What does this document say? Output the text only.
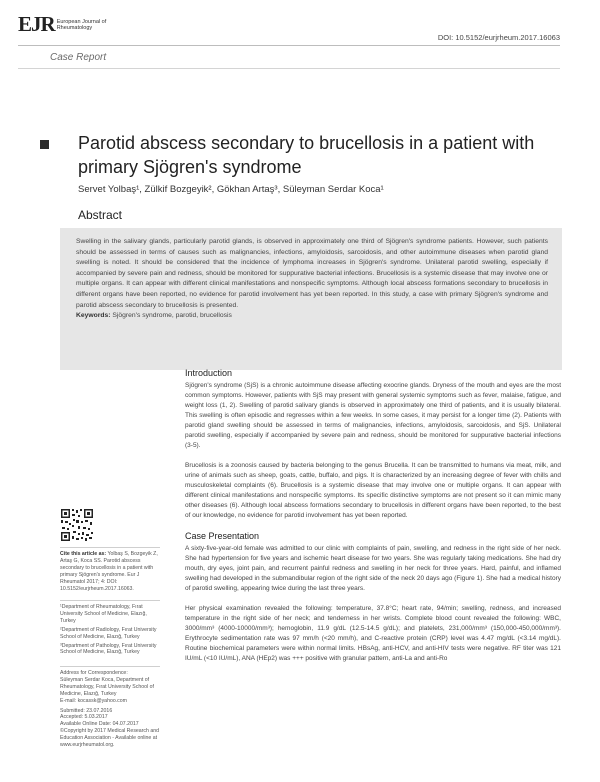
EJR European Journal of
Rheumatology
DOI: 10.5152/eurjrheum.2017.16063
Case Report
Parotid abscess secondary to brucellosis in a patient with primary Sjögren's syndrome
Servet Yolbaş¹, Zülkif Bozgeyik², Gökhan Artaş³, Süleyman Serdar Koca¹
Abstract

Swelling in the salivary glands, particularly parotid glands, is observed in approximately one third of Sjögren's syndrome patients. However, such patients should be assessed in terms of causes such as malignancies, infections, amyloidosis, sarcoidosis, and other autoimmune diseases when parotid gland swelling is noted. It should be considered that the incidence of lymphoma increases in Sjögren's syndrome. Unilateral parotid swelling, especially if accompanied by severe pain and redness, should be monitored for suppurative bacterial infections. Brucellosis is a systemic disease that may involve one or multiple organs. It can appear with different clinical manifestations and nonspecific symptoms. Although local abscess formations secondary to brucellosis in different organs have been reported, no evidence for parotid involvement has yet been reported. In this study, a case with primary Sjögren's syndrome and parotid abscess secondary to brucellosis is presented.

Keywords: Sjögren's syndrome, parotid, brucellosis

Introduction

Sjögren's syndrome (SjS) is a chronic autoimmune disease affecting exocrine glands. Dryness of the mouth and eyes are the most common symptoms. However, patients with SjS may present with general systemic symptoms such as fever, malaise, fatigue, and weight loss (1, 2). Swelling of parotid salivary glands is observed in approximately one third of patients, and it is usually bilateral. This swelling is often episodic and regresses within a few weeks. In some cases, it may persist for a longer time (2). Patients with parotid gland swelling should be assessed in terms of malignancies, infections, amyloidosis, sarcoidosis, and SjS. Unilateral parotid swelling, especially if accompanied by severe pain and redness, should be monitored for suppurative bacterial infections (3-5).

Brucellosis is a zoonosis caused by bacteria belonging to the genus Brucella. It can be transmitted to humans via meat, milk, and urine of animals such as sheep, goats, cattle, buffalo, and pigs. It is characterized by an increasing degree of fever with chills and musculoskeletal complaints (6). Brucellosis is a systemic disease that may involve one or multiple organs. It can appear with different clinical manifestations and nonspecific symptoms. Its specific distinctive symptoms are not present so it can mimic many other diseases (6). Although local abscess formations secondary to brucellosis in different organs have been reported, to the best of our knowledge, no evidence for parotid involvement has yet been reported.

Case Presentation

A sixty-five-year-old female was admitted to our clinic with complaints of pain, swelling, and redness in the right side of her neck. She had hypertension for five years and ischemic heart disease for two years. She was regularly taking medications. She had dry mouth, dry eyes, joint pain, and recurrent painful redness and swelling in her neck for three years. Hard, painful, and inflamed swelling had developed in the submandibular region of the right side of the neck 20 days ago (Figure 1). She had a medical history of parotid swelling, appearing twice during the last three years.

Her physical examination revealed the following: temperature, 37.8°C; heart rate, 94/min; swelling, redness, and increased temperature in the right side of her neck; and tenderness in her wrists. Complete blood count revealed the following: WBC, 3000/mm³ (4000-10000/mm³); hemoglobin, 11.9 g/dL (12.5-14.5 g/dL); and platelets, 231,000/mm³ (150,000-450,000/mm³). Erythrocyte sedimentation rate was 97 mm/h (<20 mm/h), and C-reactive protein (CRP) level was 4.47 mg/dL (<3.14 mg/dL). Routine biochemical parameters were within normal limits. HBsAg, anti-HCV, and anti-HIV tests were negative. RF titer was 121 IU/mL (<10 IU/mL), ANA (HEp2) was +++ positive with granular pattern, anti-La and anti-Ro

Cite this article as: Yolbaş S, Bozgeyik Z, Artaş G, Koca SS. Parotid abscess secondary to brucellosis in a patient with primary Sjögren's syndrome. Eur J Rheumatol 2017; 4: DOI: 10.5152/eurjrheum.2017.16063.
¹Department of Rheumatology, Fırat University School of Medicine, Elazığ, Turkey
²Department of Radiology, Fırat University School of Medicine, Elazığ, Turkey
³Department of Pathology, Fırat University School of Medicine, Elazığ, Turkey
Address for Correspondence:
Süleyman Serdar Koca, Department of Rheumatology, Fırat University School of Medicine, Elazığ, Turkey
E-mail: kocassk@yahoo.com
Submitted: 23.07.2016
Accepted: 5.03.2017
Available Online Date: 04.07.2017
©Copyright by 2017 Medical Research and Education Association - Available online at www.eurjrheumatol.org.
